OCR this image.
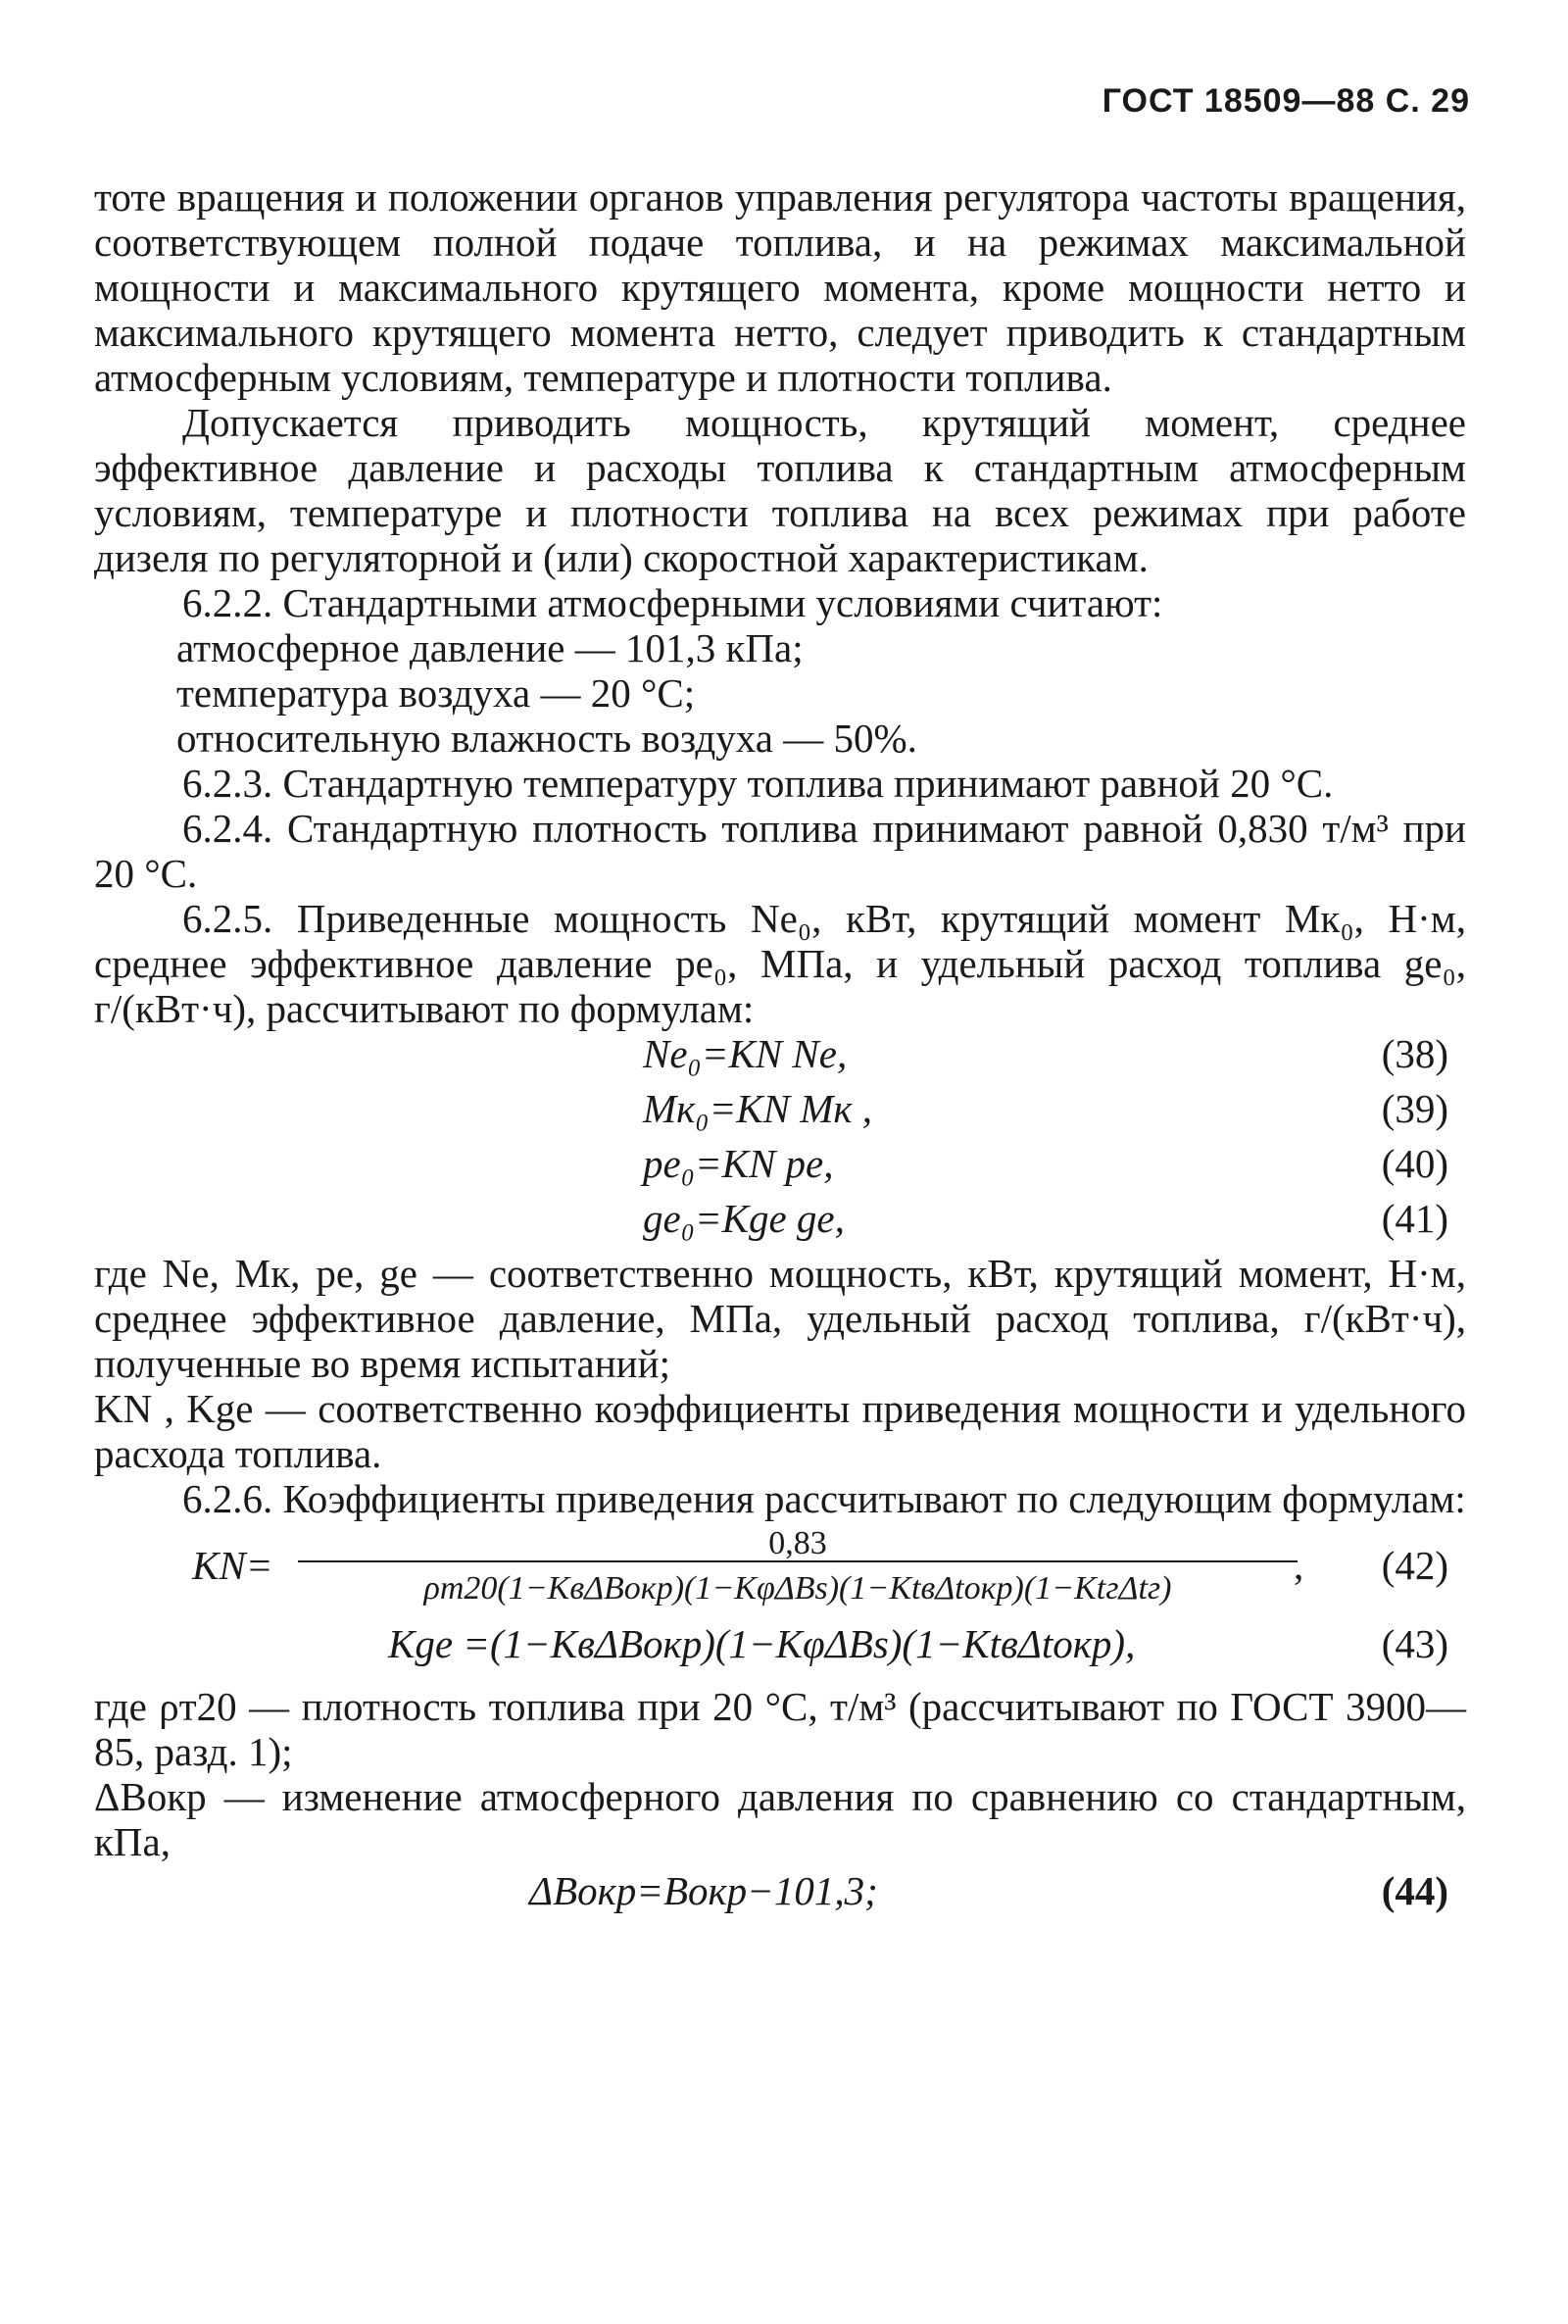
ГОСТ 18509—88 С. 29

тоте вращения и положении органов управления регулятора частоты вращения, соответствующем полной подаче топлива, и на режимах максимальной мощности и максимального крутящего момента, кроме мощности нетто и максимального крутящего момента нетто, следует приводить к стандартным атмосферным условиям, температуре и плотности топлива.

Допускается приводить мощность, крутящий момент, среднее эффективное давление и расходы топлива к стандартным атмосферным условиям, температуре и плотности топлива на всех режимах при работе дизеля по регуляторной и (или) скоростной характеристикам.

6.2.2. Стандартными атмосферными условиями считают:

атмосферное давление — 101,3 кПа;
температура воздуха — 20 °С;
относительную влажность воздуха — 50%.

6.2.3. Стандартную температуру топлива принимают равной 20 °С.

6.2.4. Стандартную плотность топлива принимают равной 0,830 т/м³ при 20 °С.

6.2.5. Приведенные мощность Ne₀, кВт, крутящий момент Mк₀, Н·м, среднее эффективное давление pe₀, МПа, и удельный расход топлива ge₀, г/(кВт·ч), рассчитывают по формулам:

Ne₀=KN Ne,	(38)
Mк₀=KN Mк ,	(39)
pe₀=KN pe,	(40)
ge₀=Kge ge,	(41)

где Ne, Mк, pe, ge — соответственно мощность, кВт, крутящий момент, Н·м, среднее эффективное давление, МПа, удельный расход топлива, г/(кВт·ч), полученные во время испытаний;

KN , Kge — соответственно коэффициенты приведения мощности и удельного расхода топлива.

6.2.6. Коэффициенты приведения рассчитывают по следующим формулам:

KN=	0,83
ρт20(1−KвΔBокр)(1−KφΔBs)(1−KtвΔtокр)(1−KtгΔtг)
, (42)
Kge =(1−KвΔBокр)(1−KφΔBs)(1−KtвΔtокр),	(43)

где ρт20 — плотность топлива при 20 °С, т/м³ (рассчитывают по ГОСТ 3900—85, разд. 1);

ΔBокр — изменение атмосферного давления по сравнению со стандартным, кПа,

ΔBокр=Bокр−101,3;	(44)
